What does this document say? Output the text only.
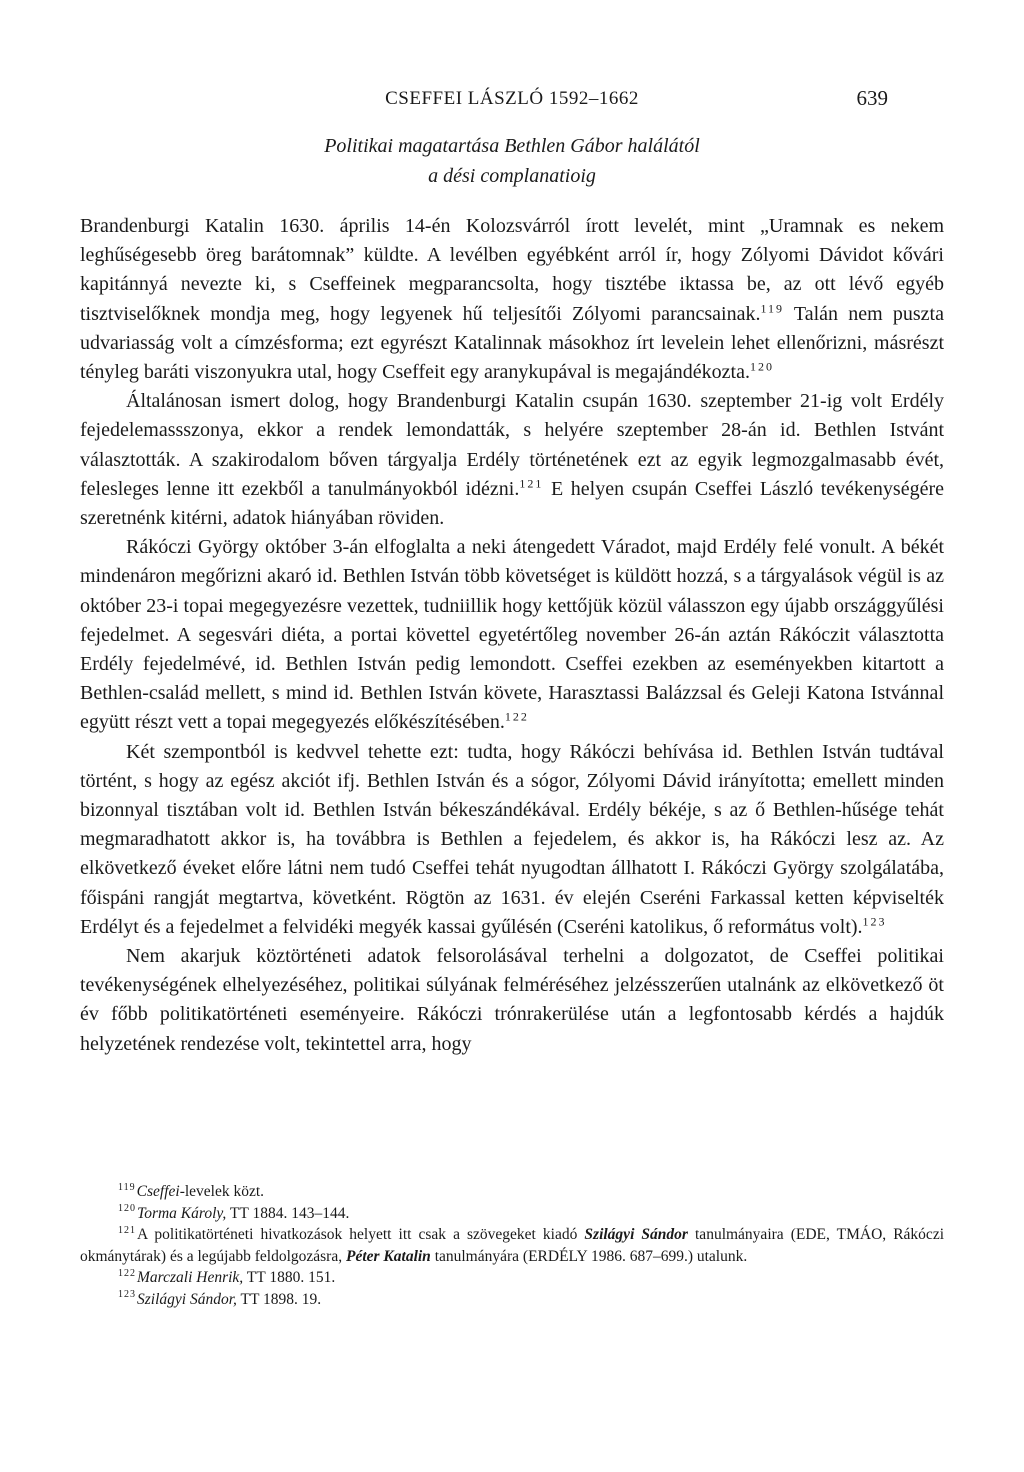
CSEFFEI LÁSZLÓ 1592–1662	639
Politikai magatartása Bethlen Gábor halálától
a dési complanatioig

Brandenburgi Katalin 1630. április 14-én Kolozsvárról írott levelét, mint „Uramnak es nekem leghűségesebb öreg barátomnak” küldte. A levélben egyébként arról ír, hogy Zólyomi Dávidot kővári kapitánnyá nevezte ki, s Cseffeinek megparancsolta, hogy tisztébe iktassa be, az ott lévő egyéb tisztviselőknek mondja meg, hogy legyenek hű teljesítői Zólyomi parancsainak.$^{119}$ Talán nem puszta udvariasság volt a címzésforma; ezt egyrészt Katalinnak másokhoz írt levelein lehet ellenőrizni, másrészt tényleg baráti viszonyukra utal, hogy Cseffeit egy aranykupával is megajándékozta.$^{120}$

Általánosan ismert dolog, hogy Brandenburgi Katalin csupán 1630. szeptember 21-ig volt Erdély fejedelemassszonya, ekkor a rendek lemondatták, s helyére szeptember 28-án id. Bethlen Istvánt választották. A szakirodalom bőven tárgyalja Erdély történetének ezt az egyik legmozgalmasabb évét, felesleges lenne itt ezekből a tanulmányokból idézni.$^{121}$ E helyen csupán Cseffei László tevékenységére szeretnénk kitérni, adatok hiányában röviden.

Rákóczi György október 3-án elfoglalta a neki átengedett Váradot, majd Erdély felé vonult. A békét mindenáron megőrizni akaró id. Bethlen István több követséget is küldött hozzá, s a tárgyalások végül is az október 23-i topai megegyezésre vezettek, tudniillik hogy kettőjük közül válasszon egy újabb országgyűlési fejedelmet. A segesvári diéta, a portai követtel egyetértőleg november 26-án aztán Rákóczit választotta Erdély fejedelmévé, id. Bethlen István pedig lemondott. Cseffei ezekben az eseményekben kitartott a Bethlen-család mellett, s mind id. Bethlen István követe, Harasztassi Balázzsal és Geleji Katona Istvánnal együtt részt vett a topai megegyezés előkészítésében.$^{122}$

Két szempontból is kedvvel tehette ezt: tudta, hogy Rákóczi behívása id. Bethlen István tudtával történt, s hogy az egész akciót ifj. Bethlen István és a sógor, Zólyomi Dávid irányította; emellett minden bizonnyal tisztában volt id. Bethlen István békeszándékával. Erdély békéje, s az ő Bethlen-hűsége tehát megmaradhatott akkor is, ha továbbra is Bethlen a fejedelem, és akkor is, ha Rákóczi lesz az. Az elkövetkező éveket előre látni nem tudó Cseffei tehát nyugodtan állhatott I. Rákóczi György szolgálatába, főispáni rangját megtartva, követként. Rögtön az 1631. év elején Cseréni Farkassal ketten képviselték Erdélyt és a fejedelmet a felvidéki megyék kassai gyűlésén (Cseréni katolikus, ő református volt).$^{123}$

Nem akarjuk köztörténeti adatok felsorolásával terhelni a dolgozatot, de Cseffei politikai tevékenységének elhelyezéséhez, politikai súlyának felméréséhez jelzésszerűen utalnánk az elkövetkező öt év főbb politikatörténeti eseményeire. Rákóczi trónrakerülése után a legfontosabb kérdés a hajdúk helyzetének rendezése volt, tekintettel arra, hogy

$^{119}$Cseffei-levelek közt.

$^{120}$Torma Károly, TT 1884. 143–144.

$^{121}$A politikatörténeti hivatkozások helyett itt csak a szövegeket kiadó Szilágyi Sándor tanulmányaira (EDE, TMÁO, Rákóczi okmánytárak) és a legújabb feldolgozásra, Péter Katalin tanulmányára (ERDÉLY 1986. 687–699.) utalunk.

$^{122}$Marczali Henrik, TT 1880. 151.

$^{123}$Szilágyi Sándor, TT 1898. 19.
